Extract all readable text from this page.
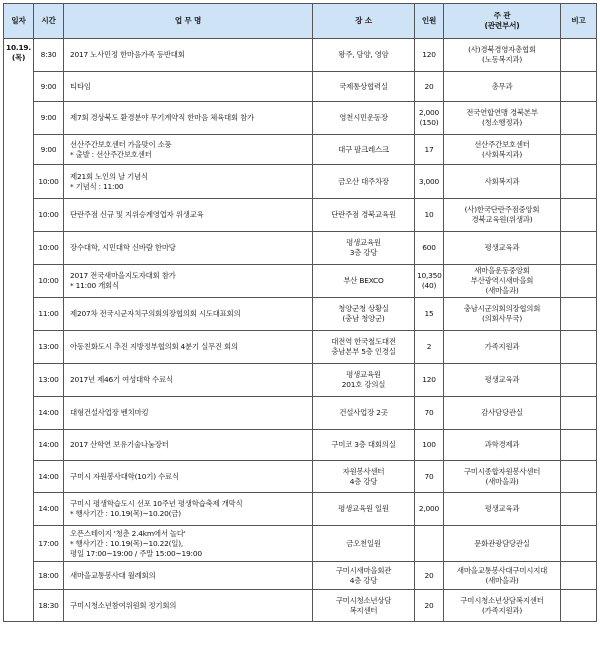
일자	시간	업 무 명	장 소	인원	주 관
(관련부서)	비고

10.19.
(목)	8:30	2017 노사민정 한마음가족 등반대회	왕주, 담양, 영암	120	(사)경북경영자총협회
(노동복지과)	

	9:00	티타임	국제통상협력실	20	총무과	

	9:00	제7회 경상북도 환경분야 무기계약직 한마음 체육대회 참가	영천시민운동장	2,000
(150)	전국연합연맹 경북본부
(청소행정과)	

	9:00	선산주간보호센터 가을맞이 소풍
* 출발 : 선산주간보호센터	대구 팔크레스크	17	선산주간보호센터
(사회복지과)	

	10:00	제21회 노인의 날 기념식
* 기념식 : 11:00	금오산 대주차장	3,000	사회복지과	

	10:00	단란주점 신규 및 지위승계영업자 위생교육	단란주점 경북교육원	10	(사)한국단란주점중앙회
경북교육원(위생과)	

	10:00	장수대학, 시민대학 신바람 한마당	평생교육원
3층 강당	600	평생교육과	

	10:00	2017 전국새마을지도자대회 참가
* 11:00 개회식	부산 BEXCO	10,350
(40)	새마을운동중앙회
부산광역시새마을회
(새마을과)	

	11:00	제207차 전국시군자치구의회의장협의회 시도대표회의	청양군청 상황실
(충남 청양군)	15	충남시군의회의장협의회
(의회사무국)	

	13:00	아동친화도시 추진 지방정부협의회 4분기 실무진 회의	대전역 한국철도대전
충남본부 5층 인경실	2	가족지원과	

	13:00	2017년 제46기 여성대학 수료식	평생교육원
201호 강의실	120	평생교육과	

	14:00	대형건설사업장 벤치마킹	건설사업장 2곳	70	감사담당관실	

	14:00	2017 산학연 보유기술나눔장터	구미코 3층 대회의실	100	과학경제과	

	14:00	구미시 자원봉사대학(10기) 수료식	자원봉사센터
4층 강당	70	구미시종합자원봉사센터
(새마을과)	

	14:00	구미시 평생학습도시 선포 10주년 평생학습축제 개막식
* 행사기간 : 10.19(목)~10.20(금)	평생교육원 일원	2,000	평생교육과	

	17:00	오픈스테이지 '청춘 2.4km에서 놀다'
* 행사기간 : 10.19(목)~10.22(일),
평일 17:00~19:00 / 주말 15:00~19:00	금오천일원		문화관광담당관실	

	18:00	새마을교통봉사대 월례회의	구미시새마을회관
4층 강당	20	새마을교통봉사대구미시지대
(새마을과)	

	18:30	구미시청소년참여위원회 정기회의	구미시청소년상담
복지센터	20	구미시청소년상담복지센터
(가족지원과)	
